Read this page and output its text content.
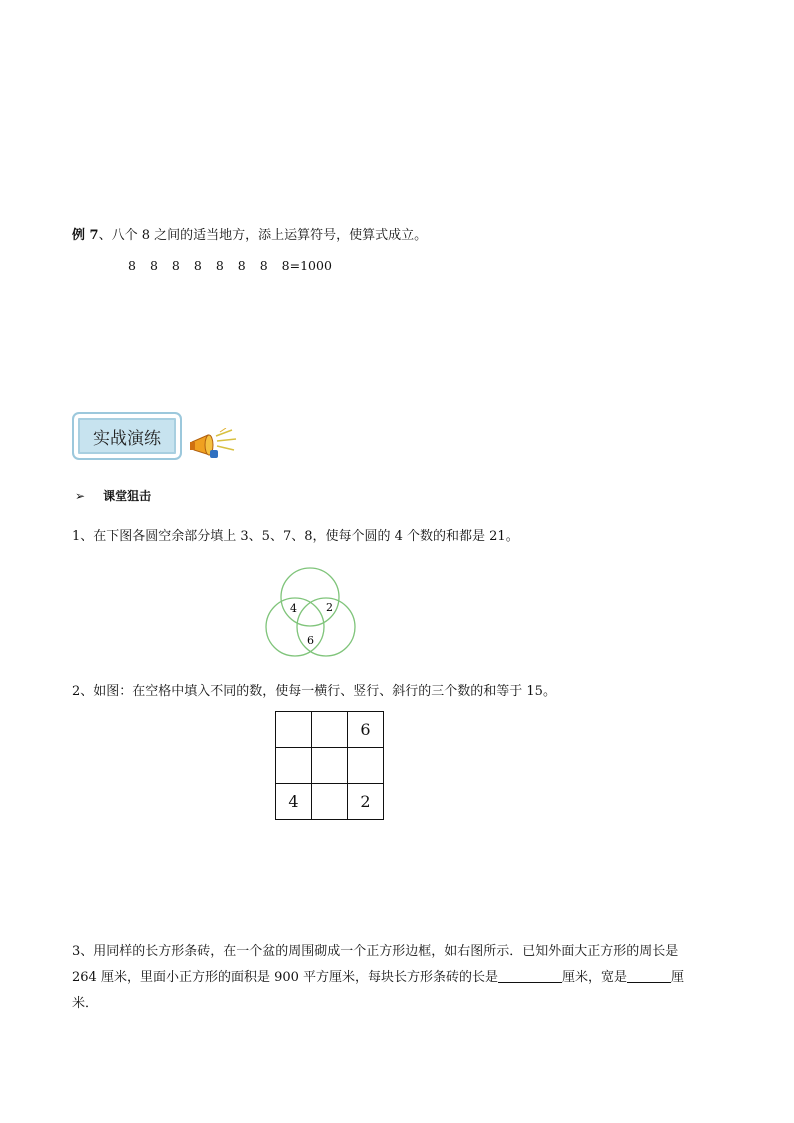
例 7、八个 8 之间的适当地方，添上运算符号，使算式成立。
8 8 8 8 8 8 8 8=1000
实战演练
➢ 课堂狙击
1、在下图各圆空余部分填上 3、5、7、8，使每个圆的 4 个数的和都是 21。
4	2
6
2、如图：在空格中填入不同的数，使每一横行、竖行、斜行的三个数的和等于 15。
		6

4		2
3、用同样的长方形条砖，在一个盆的周围砌成一个正方形边框，如右图所示．已知外面大正方形的周长是
264 厘米，里面小正方形的面积是 900 平方厘米，每块长方形条砖的长是	厘米，宽是	厘
米．
